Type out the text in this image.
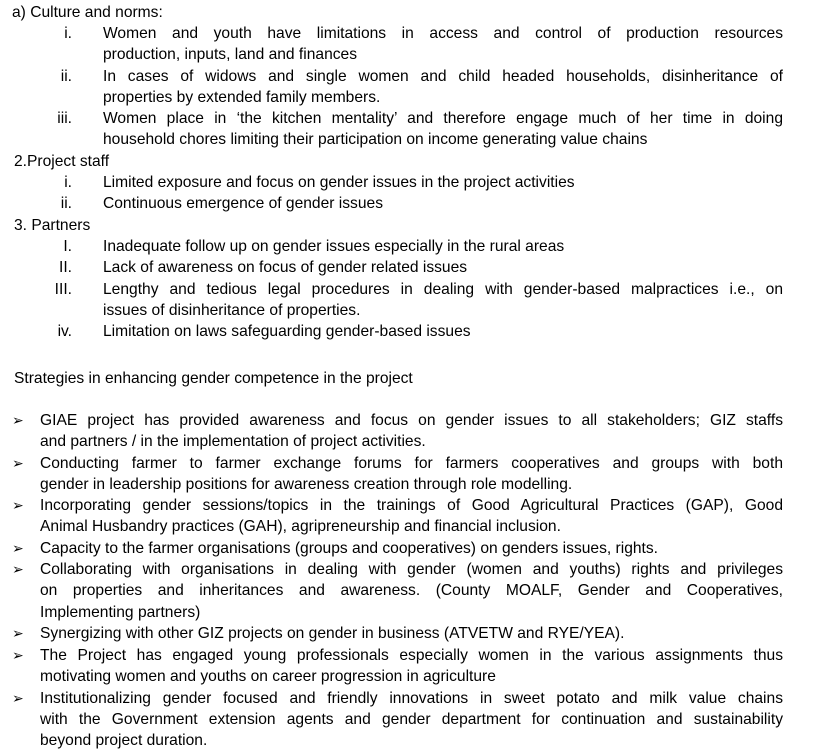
a) Culture and norms:
i. Women and youth have limitations in access and control of production resources
production, inputs, land and finances
ii. In cases of widows and single women and child headed households, disinheritance of
properties by extended family members.
iii. Women place in ‘the kitchen mentality’ and therefore engage much of her time in doing
household chores limiting their participation on income generating value chains
2.Project staff
i. Limited exposure and focus on gender issues in the project activities
ii. Continuous emergence of gender issues
3. Partners
I. Inadequate follow up on gender issues especially in the rural areas
II. Lack of awareness on focus of gender related issues
III. Lengthy and tedious legal procedures in dealing with gender-based malpractices i.e., on
issues of disinheritance of properties.
iv. Limitation on laws safeguarding gender-based issues
Strategies in enhancing gender competence in the project
➢ GIAE project has provided awareness and focus on gender issues to all stakeholders; GIZ staffs
and partners / in the implementation of project activities.
➢ Conducting farmer to farmer exchange forums for farmers cooperatives and groups with both
gender in leadership positions for awareness creation through role modelling.
➢ Incorporating gender sessions/topics in the trainings of Good Agricultural Practices (GAP), Good
Animal Husbandry practices (GAH), agripreneurship and financial inclusion.
➢ Capacity to the farmer organisations (groups and cooperatives) on genders issues, rights.
➢ Collaborating with organisations in dealing with gender (women and youths) rights and privileges
on properties and inheritances and awareness. (County MOALF, Gender and Cooperatives,
Implementing partners)
➢ Synergizing with other GIZ projects on gender in business (ATVETW and RYE/YEA).
➢ The Project has engaged young professionals especially women in the various assignments thus
motivating women and youths on career progression in agriculture
➢ Institutionalizing gender focused and friendly innovations in sweet potato and milk value chains
with the Government extension agents and gender department for continuation and sustainability
beyond project duration.
